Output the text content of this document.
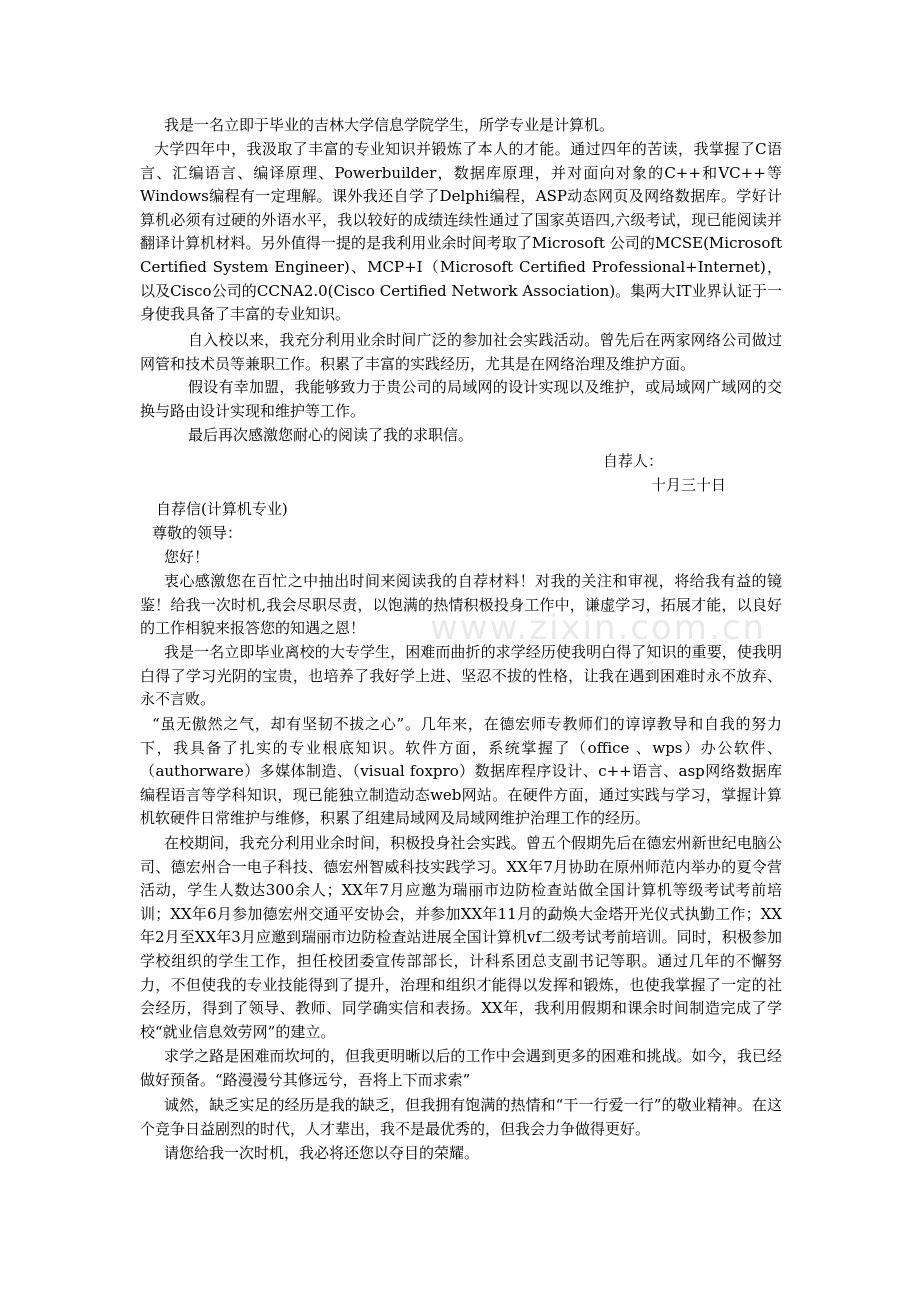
我是一名立即于毕业的吉林大学信息学院学生，所学专业是计算机。

大学四年中，我汲取了丰富的专业知识并锻炼了本人的才能。通过四年的苦读，我掌握了C语言、汇编语言、编译原理、Powerbuilder，数据库原理，并对面向对象的C++和VC++等Windows编程有一定理解。课外我还自学了Delphi编程，ASP动态网页及网络数据库。学好计算机必须有过硬的外语水平，我以较好的成绩连续性通过了国家英语四,六级考试，现已能阅读并翻译计算机材料。另外值得一提的是我利用业余时间考取了Microsoft 公司的MCSE(Microsoft Certified System Engineer)、MCP+I（Microsoft Certified Professional+Internet)，以及Cisco公司的CCNA2.0(Cisco Certified Network Association)。集两大IT业界认证于一身使我具备了丰富的专业知识。

自入校以来，我充分利用业余时间广泛的参加社会实践活动。曾先后在两家网络公司做过网管和技术员等兼职工作。积累了丰富的实践经历，尤其是在网络治理及维护方面。

假设有幸加盟，我能够致力于贵公司的局域网的设计实现以及维护，或局域网广域网的交换与路由设计实现和维护等工作。

最后再次感激您耐心的阅读了我的求职信。

自荐人：
十月三十日
自荐信(计算机专业)
尊敬的领导：
您好！

衷心感激您在百忙之中抽出时间来阅读我的自荐材料！对我的关注和审视，将给我有益的镜鉴！给我一次时机,我会尽职尽责，以饱满的热情积极投身工作中，谦虚学习，拓展才能，以良好的工作相貌来报答您的知遇之恩！

我是一名立即毕业离校的大专学生，困难而曲折的求学经历使我明白得了知识的重要，使我明白得了学习光阴的宝贵，也培养了我好学上进、坚忍不拔的性格，让我在遇到困难时永不放弃、永不言败。

“虽无傲然之气，却有坚韧不拔之心”。几年来，在德宏师专教师们的谆谆教导和自我的努力下，我具备了扎实的专业根底知识。软件方面，系统掌握了（office 、wps）办公软件、（authorware）多媒体制造、（visual foxpro）数据库程序设计、c++语言、asp网络数据库编程语言等学科知识，现已能独立制造动态web网站。在硬件方面，通过实践与学习，掌握计算机软硬件日常维护与维修，积累了组建局域网及局域网维护治理工作的经历。

在校期间，我充分利用业余时间，积极投身社会实践。曾五个假期先后在德宏州新世纪电脑公司、德宏州合一电子科技、德宏州智威科技实践学习。XX年7月协助在原州师范内举办的夏令营活动，学生人数达300余人；XX年7月应邀为瑞丽市边防检查站做全国计算机等级考试考前培训；XX年6月参加德宏州交通平安协会，并参加XX年11月的勐焕大金塔开光仪式执勤工作；XX年2月至XX年3月应邀到瑞丽市边防检查站进展全国计算机vf二级考试考前培训。同时，积极参加学校组织的学生工作，担任校团委宣传部部长，计科系团总支副书记等职。通过几年的不懈努力，不但使我的专业技能得到了提升，治理和组织才能得以发挥和锻炼，也使我掌握了一定的社会经历，得到了领导、教师、同学确实信和表扬。XX年，我利用假期和课余时间制造完成了学校“就业信息效劳网”的建立。

求学之路是困难而坎坷的，但我更明晰以后的工作中会遇到更多的困难和挑战。如今，我已经做好预备。“路漫漫兮其修远兮，吾将上下而求索”

诚然，缺乏实足的经历是我的缺乏，但我拥有饱满的热情和“干一行爱一行”的敬业精神。在这个竞争日益剧烈的时代，人才辈出，我不是最优秀的，但我会力争做得更好。

请您给我一次时机，我必将还您以夺目的荣耀。

www.zixin.com.cn
